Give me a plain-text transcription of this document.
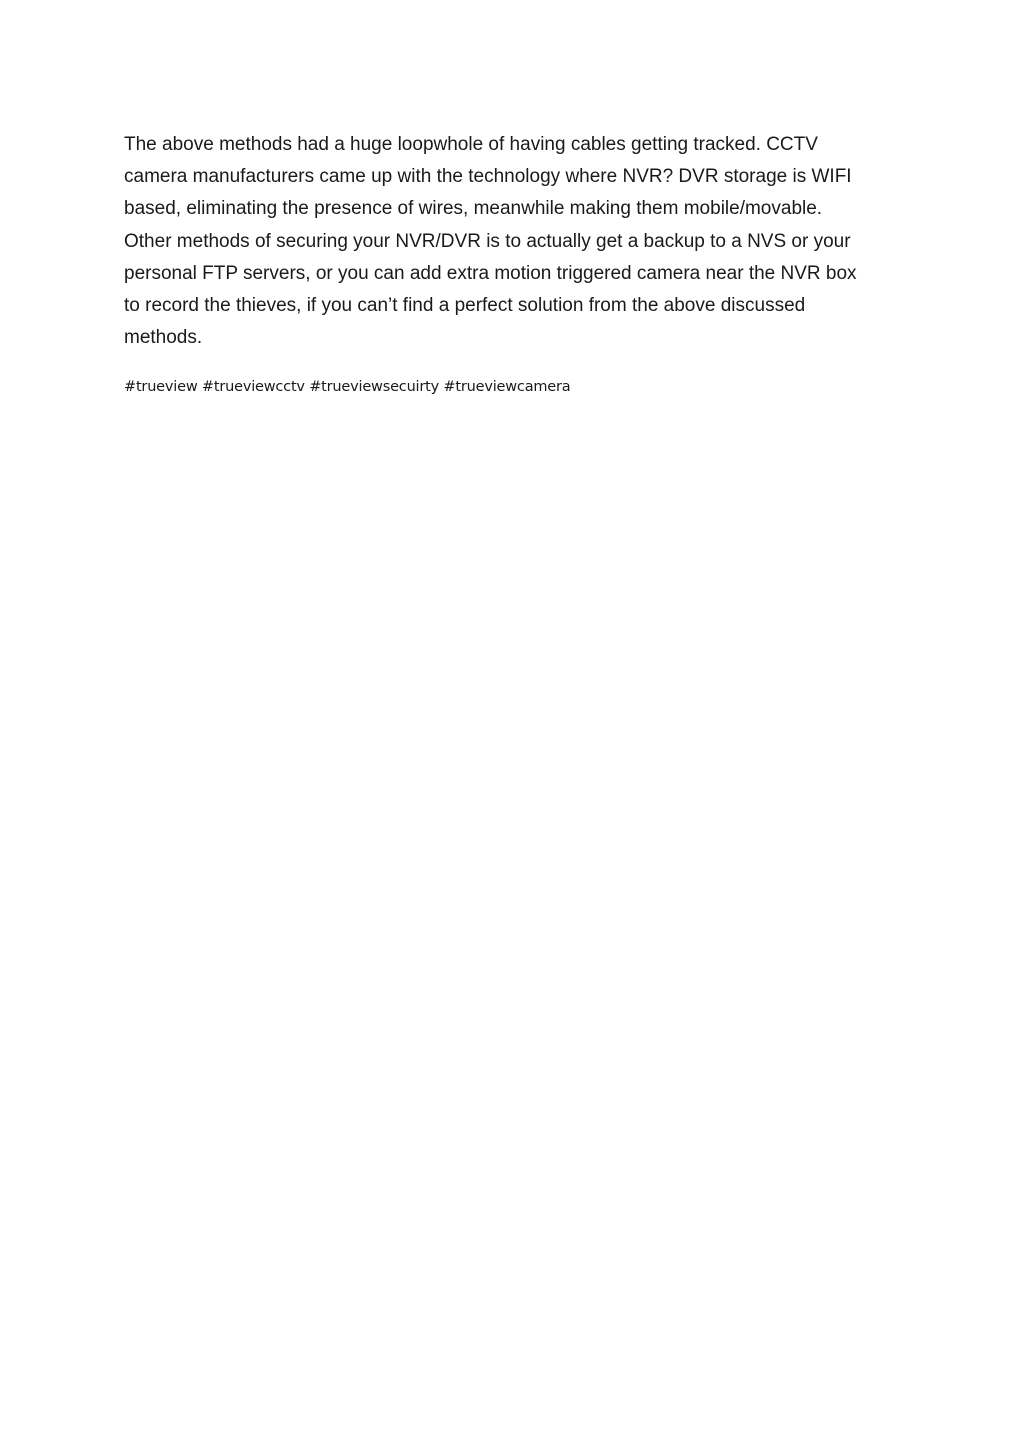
The above methods had a huge loopwhole of having cables getting tracked. CCTV

camera manufacturers came up with the technology where NVR? DVR storage is WIFI

based, eliminating the presence of wires, meanwhile making them mobile/movable.

Other methods of securing your NVR/DVR is to actually get a backup to a NVS or your

personal FTP servers, or you can add extra motion triggered camera near the NVR box

to record the thieves, if you can’t find a perfect solution from the above discussed

methods.

#trueview #trueviewcctv #trueviewsecuirty #trueviewcamera
